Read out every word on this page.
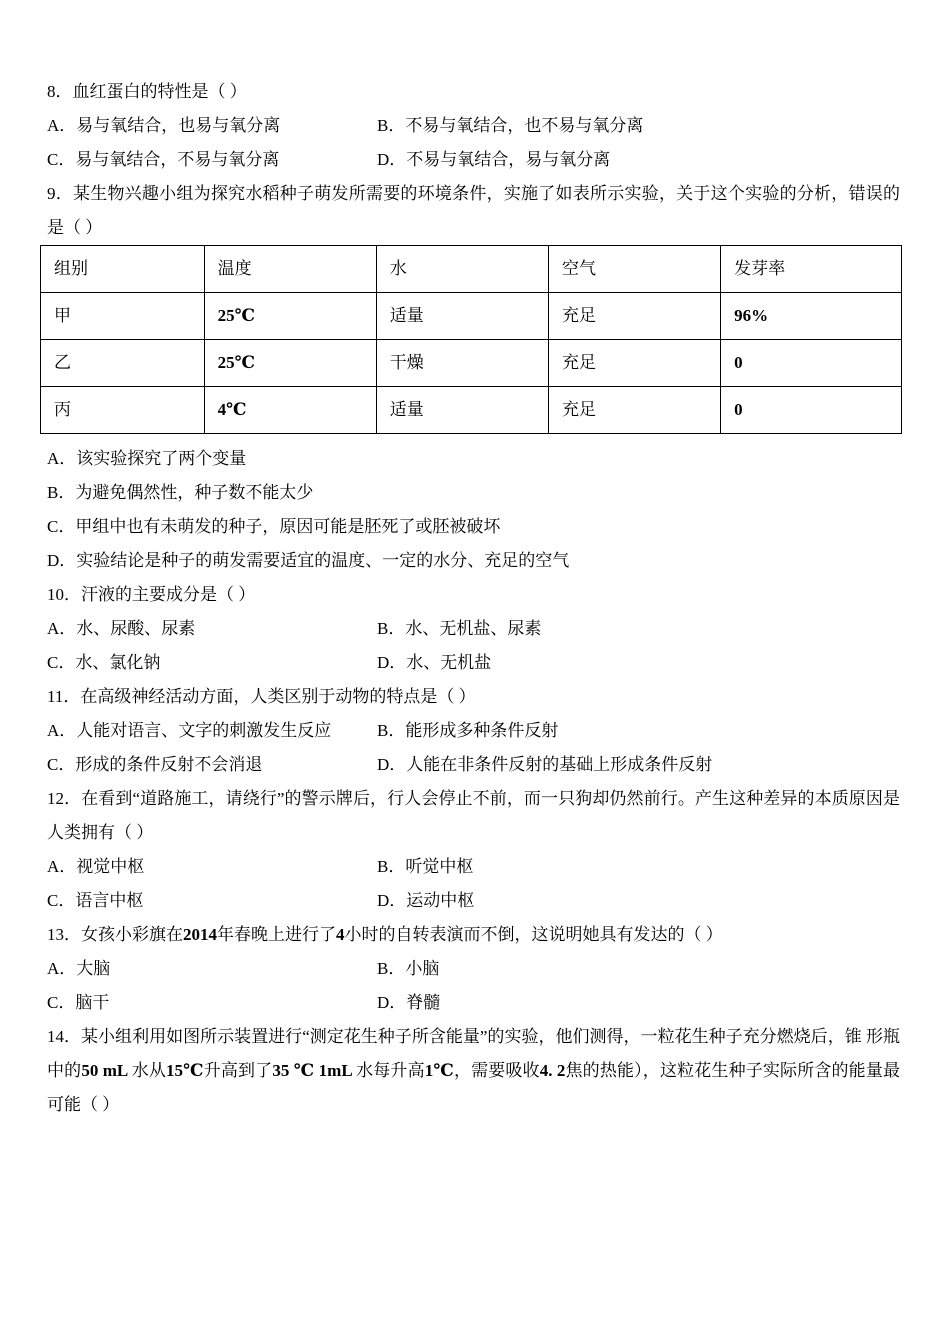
8．血红蛋白的特性是（ ）

A．易与氧结合，也易与氧分离	B．不易与氧结合，也不易与氧分离
C．易与氧结合，不易与氧分离	D．不易与氧结合，易与氧分离

9．某生物兴趣小组为探究水稻种子萌发所需要的环境条件，实施了如表所示实验，关于这个实验的分析，错误的是（ ）

组别	温度	水	空气	发芽率
甲	25℃	适量	充足	96%
乙	25℃	干燥	充足	0
丙	4℃	适量	充足	0
A．该实验探究了两个变量
B．为避免偶然性，种子数不能太少
C．甲组中也有未萌发的种子，原因可能是胚死了或胚被破坏
D．实验结论是种子的萌发需要适宜的温度、一定的水分、充足的空气

10．汗液的主要成分是（ ）

A．水、尿酸、尿素	B．水、无机盐、尿素
C．水、氯化钠	D．水、无机盐

11．在高级神经活动方面，人类区别于动物的特点是（ ）

A．人能对语言、文字的刺激发生反应	B．能形成多种条件反射
C．形成的条件反射不会消退	D．人能在非条件反射的基础上形成条件反射

12．在看到“道路施工，请绕行”的警示牌后，行人会停止不前，而一只狗却仍然前行。产生这种差异的本质原因是人类拥有（ ）

A．视觉中枢	B．听觉中枢
C．语言中枢	D．运动中枢

13．女孩小彩旗在2014年春晚上进行了4小时的自转表演而不倒，这说明她具有发达的（ ）

A．大脑	B．小脑
C．脑干	D．脊髓

14．某小组利用如图所示装置进行“测定花生种子所含能量”的实验，他们测得，一粒花生种子充分燃烧后，锥 形瓶中的50 mL 水从15℃升高到了35 ℃ 1mL 水每升高1℃，需要吸收4. 2焦的热能），这粒花生种子实际所含的能量最可能（ ）
